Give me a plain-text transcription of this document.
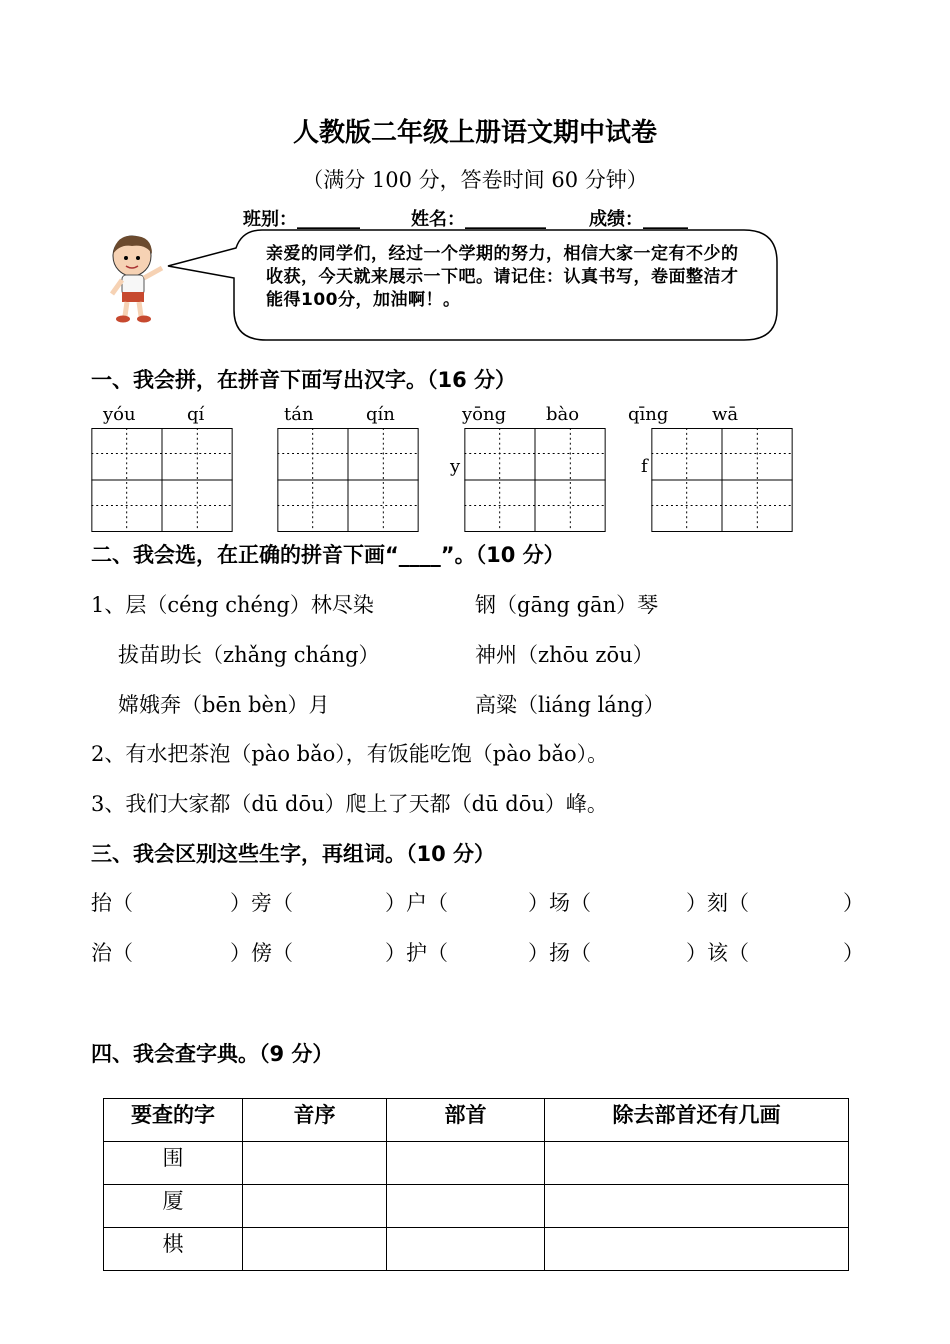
人教版二年级上册语文期中试卷
（满分 100 分，答卷时间 60 分钟）
班别：_______	姓名：_________ 成绩：_____
亲爱的同学们，经过一个学期的努力，相信大家一定有不少的收获，今天就来展示一下吧。请记住：认真书写，卷面整洁才能得100分，加油啊！。
一、我会拼，在拼音下面写出汉字。（16 分）
yóu	qí	tán	qín	yōng bào	qīng wā
y	f
二、我会选，在正确的拼音下画“____”。（10 分）
1、层（céng chéng）林尽染	钢（gāng gān）琴
拔苗助长（zhǎng cháng）	神州（zhōu zōu）
嫦娥奔（bēn bèn）月	高粱（liáng láng）
2、有水把茶泡（pào bǎo），有饭能吃饱（pào bǎo）。
3、我们大家都（dū dōu）爬上了天都（dū dōu）峰。
三、我会区别这些生字，再组词。（10 分）
抬（	）旁（	）户（	）场（	）刻（	）
治（	）傍（	）护（	）扬（	）该（	）
四、我会查字典。（9 分）
要查的字	音序	部首	除去部首还有几画
围			
厦			
棋			
